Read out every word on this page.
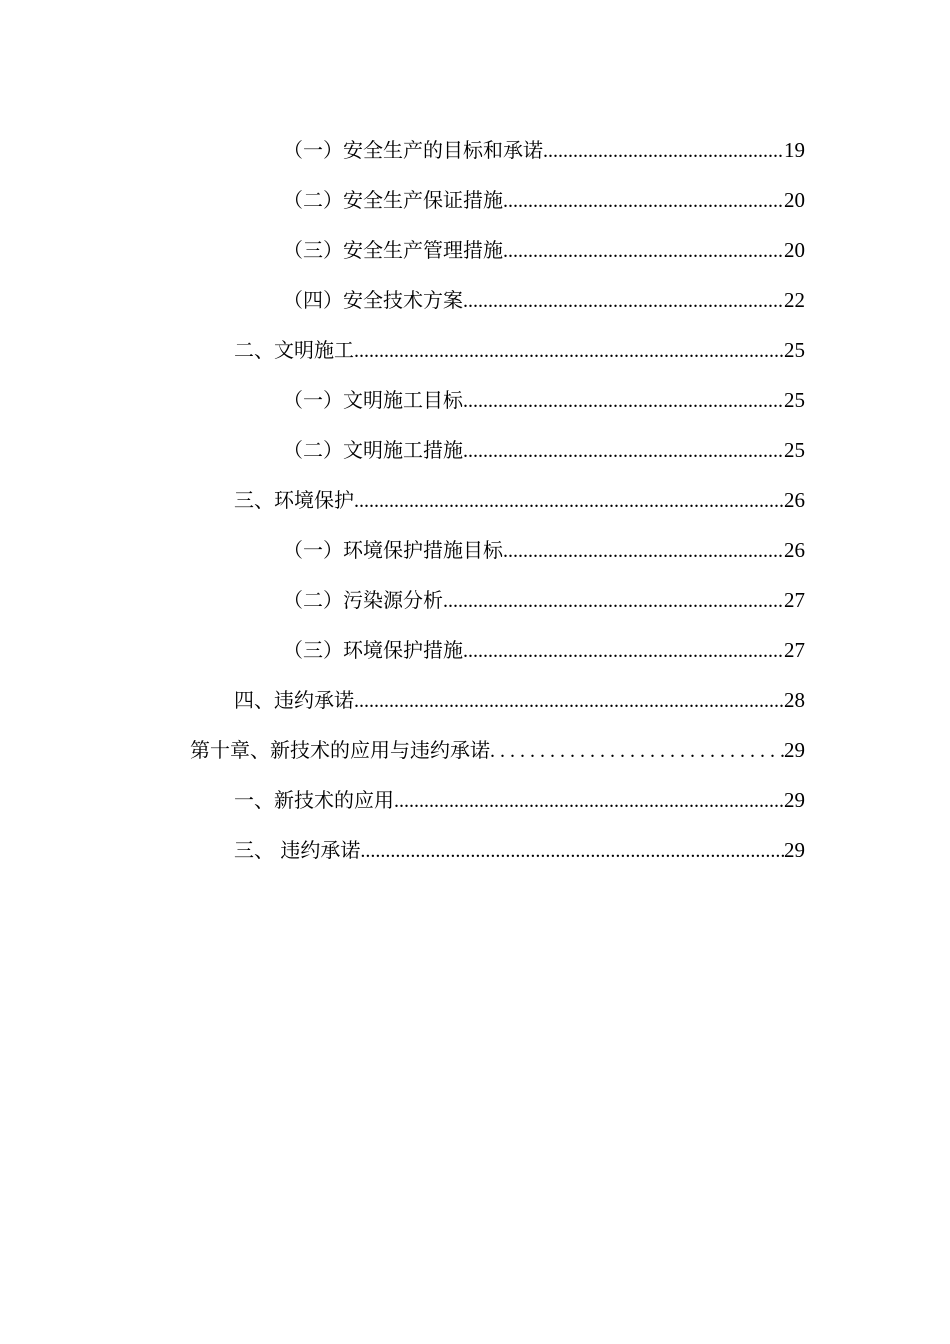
（一）安全生产的目标和承诺 .....	19
（二）安全生产保证措施 .....	20
（三）安全生产管理措施 .....	20
（四）安全技术方案 .....	22
二、文明施工 .....	25
（一）文明施工目标 .....	25
（二）文明施工措施 .....	25
三、环境保护 .....	26
（一）环境保护措施目标 .....	26
（二）污染源分析 .....	27
（三）环境保护措施 .....	27
四、违约承诺 .....	28
第十章、新技术的应用与违约承诺 . . .	29
一、新技术的应用 .....	29
三、 违约承诺 .....	29
